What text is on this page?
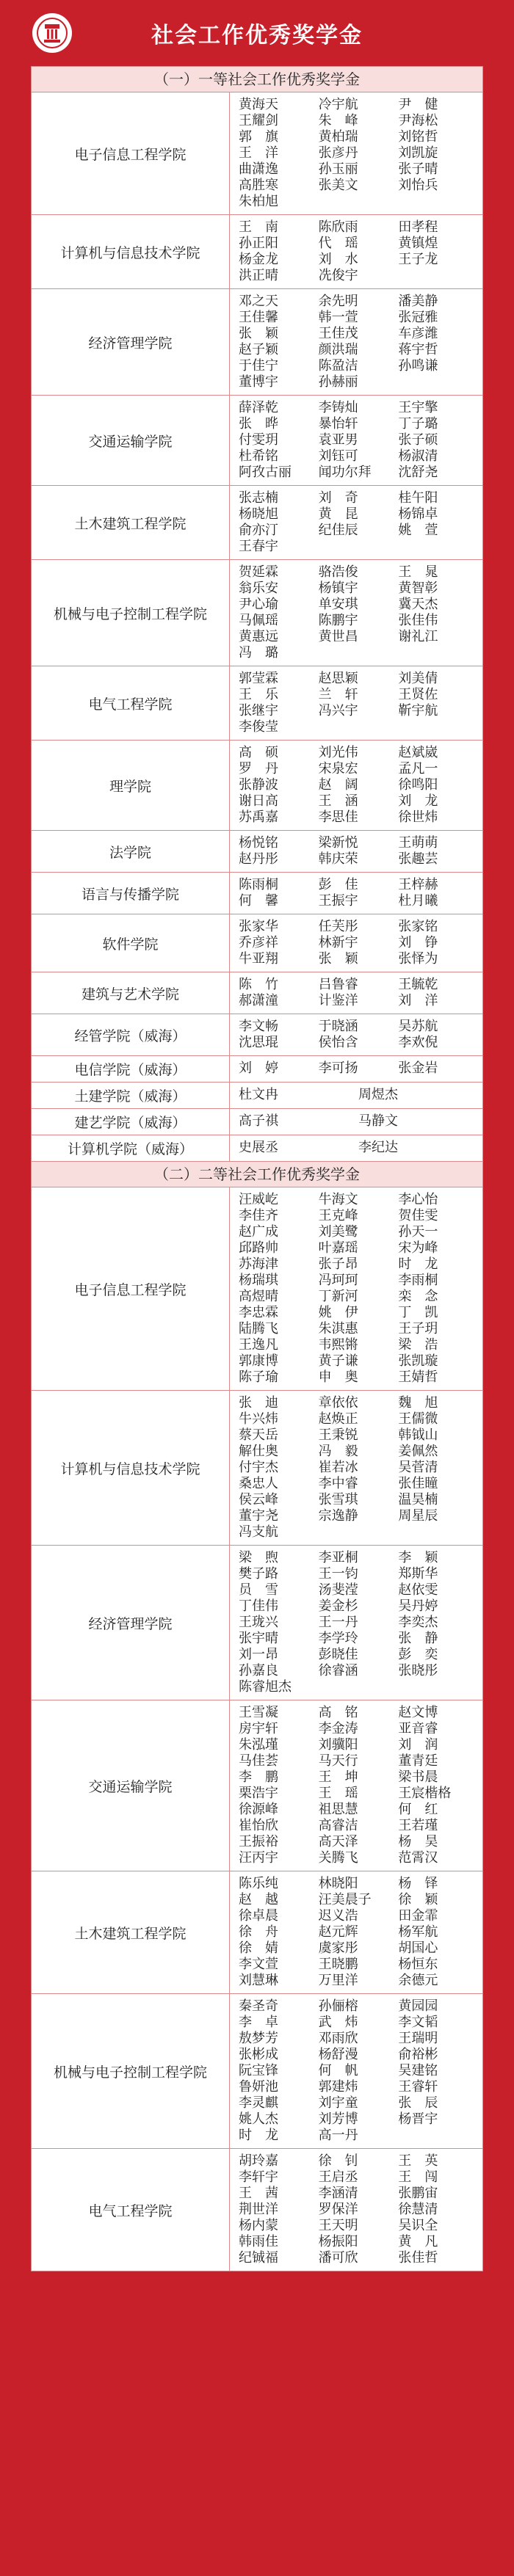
社会工作优秀奖学金
（一）一等社会工作优秀奖学金
电子信息工程学院
黄海天	冷宇航	尹　健
王耀剑	朱　峰	尹海松
郭　旗	黄柏瑞	刘铭哲
王　洋	张彦丹	刘凯旋
曲潇逸	孙玉丽	张子晴
高胜寒	张美文	刘怡兵
朱柏旭
计算机与信息技术学院
王　南	陈欣雨	田孝程
孙正阳	代　瑶	黄镇煌
杨金龙	刘　水	王子龙
洪正晴	冼俊宇
经济管理学院
邓之天	余先明	潘美静
王佳馨	韩一萱	张冠雅
张　颖	王佳茂	车彦潍
赵子颖	颜洪瑞	蒋宇哲
于佳宁	陈盈洁	孙鸣谦
董博宇	孙赫丽
交通运输学院
薛泽乾	李铸灿	王宇擎
张　晔	暴怡轩	丁子璐
付雯玥	袁亚男	张子硕
杜希铭	刘钰可	杨淑清
阿孜古丽	闻功尔拜	沈舒尧
土木建筑工程学院
张志楠	刘　奇	桂午阳
杨晓旭	黄　昆	杨锦卓
俞亦汀	纪佳辰	姚　萱
王春宇
机械与电子控制工程学院
贺延霖	骆浩俊	王　晁
翁乐安	杨镇宇	黄智彰
尹心瑜	单安琪	冀天杰
马佩瑶	陈鹏宇	张佳伟
黄惠远	黄世昌	谢礼江
冯　璐
电气工程学院
郭莹霖	赵思颖	刘美倩
王　乐	兰　轩	王贤佐
张继宇	冯兴宇	靳宇航
李俊莹
理学院
高　硕	刘光伟	赵斌崴
罗　丹	宋泉宏	孟凡一
张静波	赵　阔	徐鸣阳
谢日高	王　涵	刘　龙
苏禹嘉	李思佳	徐世炜
法学院
杨悦铭	梁新悦	王萌萌
赵丹彤	韩庆荣	张趣芸
语言与传播学院
陈雨桐	彭　佳	王梓赫
何　馨	王振宇	杜月曦
软件学院
张家华	任芙彤	张家铭
乔彦祥	林新宇	刘　铮
牛亚翔	张　颖	张怿为
建筑与艺术学院
陈　竹	吕鲁睿	王毓乾
郝潇潼	计鉴洋	刘　洋
经管学院（威海）
李文畅	于晓涵	吴苏航
沈思琨	侯怡含	李欢倪
电信学院（威海）	刘　婷	李可扬	张金岩
土建学院（威海）	杜文冉	周煜杰
建艺学院（威海）	高子祺	马静文
计算机学院（威海）	史展丞	李纪达
（二）二等社会工作优秀奖学金
电子信息工程学院
汪威屹	牛海文	李心怡
李佳齐	王克峰	贺佳雯
赵广成	刘美鹭	孙天一
邱路帅	叶嘉瑶	宋为峰
苏海津	张子昂	时　龙
杨瑞琪	冯珂珂	李雨桐
高煜晴	丁新河	栾　念
李忠霖	姚　伊	丁　凯
陆腾飞	朱淇惠	王子玥
王逸凡	韦熙锵	梁　浩
郭康博	黄子谦	张凯璇
陈子瑜	申　奥	王婧哲
计算机与信息技术学院
张　迪	章依依	魏　旭
牛兴炜	赵焕正	王儒微
蔡天岳	王秉锐	韩钺山
解仕奥	冯　毅	姜佩然
付宇杰	崔若冰	吴菅清
桑忠人	李中睿	张佳瞳
侯云峰	张雪琪	温昊楠
董宇尧	宗逸静	周星辰
冯支航
经济管理学院
梁　煦	李亚桐	李　颖
樊子路	王一钧	郑斯华
员　雪	汤斐滢	赵依雯
丁佳伟	姜金杉	吴丹婷
王珑兴	王一丹	李奕杰
张宇晴	李学玲	张　静
刘一昂	彭晓佳	彭　奕
孙嘉良	徐睿涵	张晓彤
陈睿旭杰
交通运输学院
王雪凝	高　铭	赵文博
房宇轩	李金涛	亚音睿
朱泓瑾	刘骥阳	刘　润
马佳荟	马天行	董青廷
李　鹏	王　坤	梁书晨
栗浩宇	王　瑶	王宸楷格
徐源峰	祖思慧	何　红
崔怡欣	高睿洁	王若瑾
王振裕	高天泽	杨　昊
汪丙宇	关腾飞	范霄汉
土木建筑工程学院
陈乐纯	林晓阳	杨　铎
赵　越	汪美晨子	徐　颖
徐卓晨	迟义浩	田金霏
徐　舟	赵元辉	杨军航
徐　婧	虞家彤	胡国心
李文萱	王晓鹏	杨恒东
刘慧琳	万里洋	余德元
机械与电子控制工程学院
秦圣奇	孙俪榕	黄园园
李　卓	武　炜	李文韬
敖梦芳	邓雨欣	王瑞明
张彬成	杨舒漫	俞裕彬
阮宝锋	何　帆	吴建铭
鲁妍池	郭建炜	王睿轩
李灵麒	刘宇童	张　辰
姚人杰	刘芳博	杨晋宇
时　龙	高一丹
电气工程学院
胡玲嘉	徐　钊	王　英
李轩宇	王启丞	王　闯
王　茜	李涵清	张鹏宙
荆世洋	罗保洋	徐慧清
杨内蒙	王天明	吴识全
韩雨佳	杨振阳	黄　凡
纪铖福	潘可欣	张佳哲
